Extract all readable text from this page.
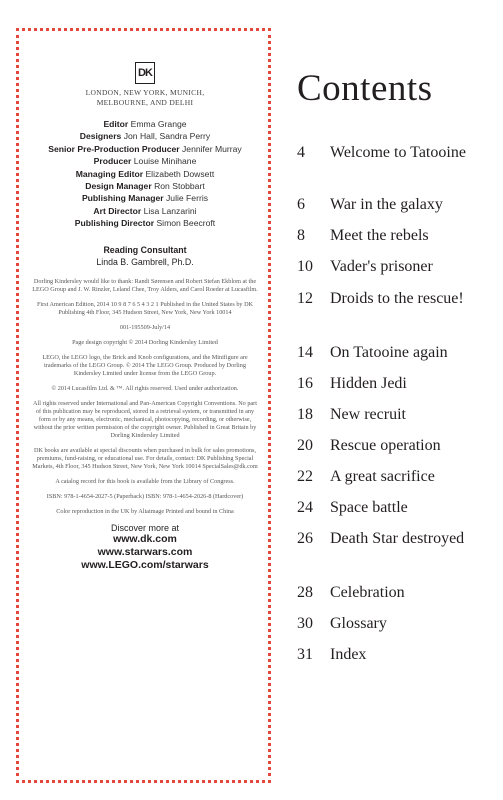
DK
LONDON, NEW YORK, MUNICH,
MELBOURNE, AND DELHI
Editor Emma Grange
Designers Jon Hall, Sandra Perry
Senior Pre-Production Producer Jennifer Murray
Producer Louise Minihane
Managing Editor Elizabeth Dowsett
Design Manager Ron Stobbart
Publishing Manager Julie Ferris
Art Director Lisa Lanzarini
Publishing Director Simon Beecroft
Reading Consultant
Linda B. Gambrell, Ph.D.

Dorling Kindersley would like to thank: Randi Sørensen and Robert Stefan Ekblom at the LEGO Group and J. W. Rinzler, Leland Chee, Troy Alders, and Carol Roeder at Lucasfilm.

First American Edition, 2014 10 9 8 7 6 5 4 3 2 1 Published in the United States by DK Publishing 4th Floor, 345 Hudson Street, New York, New York 10014

001-195509-July/14

Page design copyright © 2014 Dorling Kindersley Limited

LEGO, the LEGO logo, the Brick and Knob configurations, and the Minifigure are trademarks of the LEGO Group. © 2014 The LEGO Group. Produced by Dorling Kindersley Limited under license from the LEGO Group.

© 2014 Lucasfilm Ltd. & ™. All rights reserved. Used under authorization.

All rights reserved under International and Pan-American Copyright Conventions. No part of this publication may be reproduced, stored in a retrieval system, or transmitted in any form or by any means, electronic, mechanical, photocopying, recording, or otherwise, without the prior written permission of the copyright owner. Published in Great Britain by Dorling Kindersley Limited

DK books are available at special discounts when purchased in bulk for sales promotions, premiums, fund-raising, or educational use. For details, contact: DK Publishing Special Markets, 4th Floor, 345 Hudson Street, New York, New York 10014 SpecialSales@dk.com

A catalog record for this book is available from the Library of Congress.

ISBN: 978-1-4654-2027-5 (Paperback) ISBN: 978-1-4654-2026-8 (Hardcover)

Color reproduction in the UK by Altaimage Printed and bound in China

Discover more at
www.dk.com
www.starwars.com
www.LEGO.com/starwars
Contents
4	Welcome to Tatooine
6	War in the galaxy
8	Meet the rebels
10	Vader's prisoner
12	Droids to the rescue!
14	On Tatooine again
16	Hidden Jedi
18	New recruit
20	Rescue operation
22	A great sacrifice
24	Space battle
26	Death Star destroyed
28	Celebration
30	Glossary
31	Index
